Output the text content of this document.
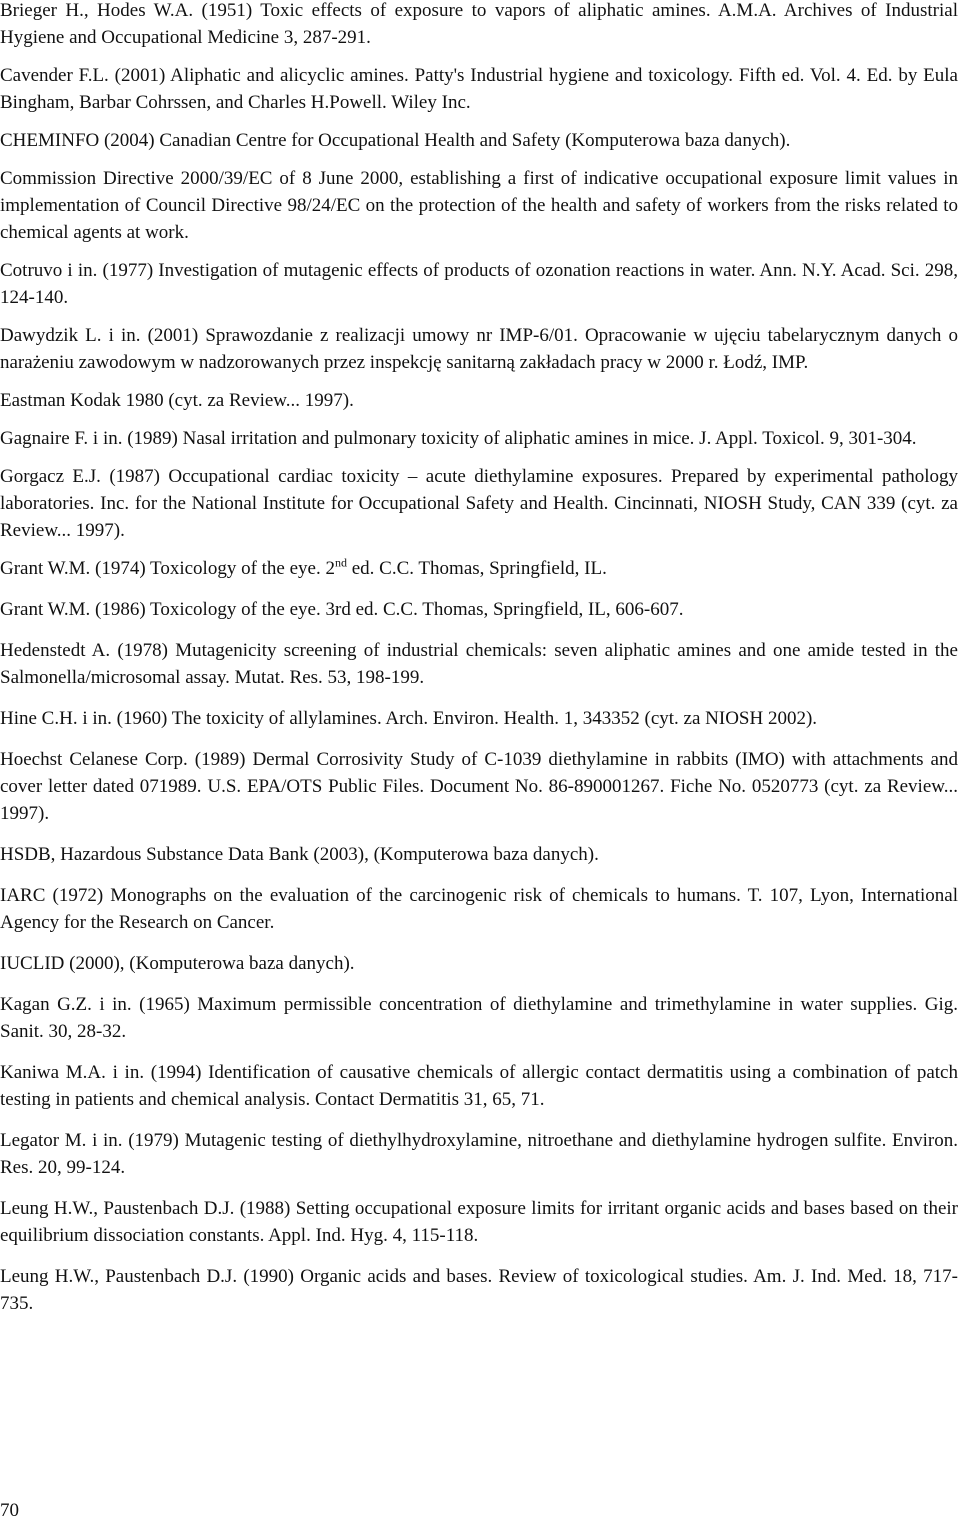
Brieger H., Hodes W.A. (1951) Toxic effects of exposure to vapors of aliphatic amines. A.M.A. Archives of Industrial Hygiene and Occupational Medicine 3, 287-291.

Cavender F.L. (2001) Aliphatic and alicyclic amines. Patty's Industrial hygiene and toxicology. Fifth ed. Vol. 4. Ed. by Eula Bingham, Barbar Cohrssen, and Charles H.Powell. Wiley Inc.

CHEMINFO (2004) Canadian Centre for Occupational Health and Safety (Komputerowa baza danych).

Commission Directive 2000/39/EC of 8 June 2000, establishing a first of indicative occupational exposure limit values in implementation of Council Directive 98/24/EC on the protection of the health and safety of workers from the risks related to chemical agents at work.

Cotruvo i in. (1977) Investigation of mutagenic effects of products of ozonation reactions in water. Ann. N.Y. Acad. Sci. 298, 124-140.

Dawydzik L. i in. (2001) Sprawozdanie z realizacji umowy nr IMP-6/01. Opracowanie w ujęciu tabelarycznym danych o narażeniu zawodowym w nadzorowanych przez inspekcję sanitarną zakładach pracy w 2000 r. Łodź, IMP.

Eastman Kodak 1980 (cyt. za Review... 1997).

Gagnaire F. i in. (1989) Nasal irritation and pulmonary toxicity of aliphatic amines in mice. J. Appl. Toxicol. 9, 301-304.

Gorgacz E.J. (1987) Occupational cardiac toxicity – acute diethylamine exposures. Prepared by experimental pathology laboratories. Inc. for the National Institute for Occupational Safety and Health. Cincinnati, NIOSH Study, CAN 339 (cyt. za Review... 1997).

Grant W.M. (1974) Toxicology of the eye. 2nd ed. C.C. Thomas, Springfield, IL.

Grant W.M. (1986) Toxicology of the eye. 3rd ed. C.C. Thomas, Springfield, IL, 606-607.

Hedenstedt A. (1978) Mutagenicity screening of industrial chemicals: seven aliphatic amines and one amide tested in the Salmonella/microsomal assay. Mutat. Res. 53, 198-199.

Hine C.H. i in. (1960) The toxicity of allylamines. Arch. Environ. Health. 1, 343352 (cyt. za NIOSH 2002).

Hoechst Celanese Corp. (1989) Dermal Corrosivity Study of C-1039 diethylamine in rabbits (IMO) with attachments and cover letter dated 071989. U.S. EPA/OTS Public Files. Document No. 86-890001267. Fiche No. 0520773 (cyt. za Review... 1997).

HSDB, Hazardous Substance Data Bank (2003), (Komputerowa baza danych).

IARC (1972) Monographs on the evaluation of the carcinogenic risk of chemicals to humans. T. 107, Lyon, International Agency for the Research on Cancer.

IUCLID (2000), (Komputerowa baza danych).

Kagan G.Z. i in. (1965) Maximum permissible concentration of diethylamine and trimethylamine in water supplies. Gig. Sanit. 30, 28-32.

Kaniwa M.A. i in. (1994) Identification of causative chemicals of allergic contact dermatitis using a combination of patch testing in patients and chemical analysis. Contact Dermatitis 31, 65, 71.

Legator M. i in. (1979) Mutagenic testing of diethylhydroxylamine, nitroethane and diethylamine hydrogen sulfite. Environ. Res. 20, 99-124.

Leung H.W., Paustenbach D.J. (1988) Setting occupational exposure limits for irritant organic acids and bases based on their equilibrium dissociation constants. Appl. Ind. Hyg. 4, 115-118.

Leung H.W., Paustenbach D.J. (1990) Organic acids and bases. Review of toxicological studies. Am. J. Ind. Med. 18, 717-735.

70
